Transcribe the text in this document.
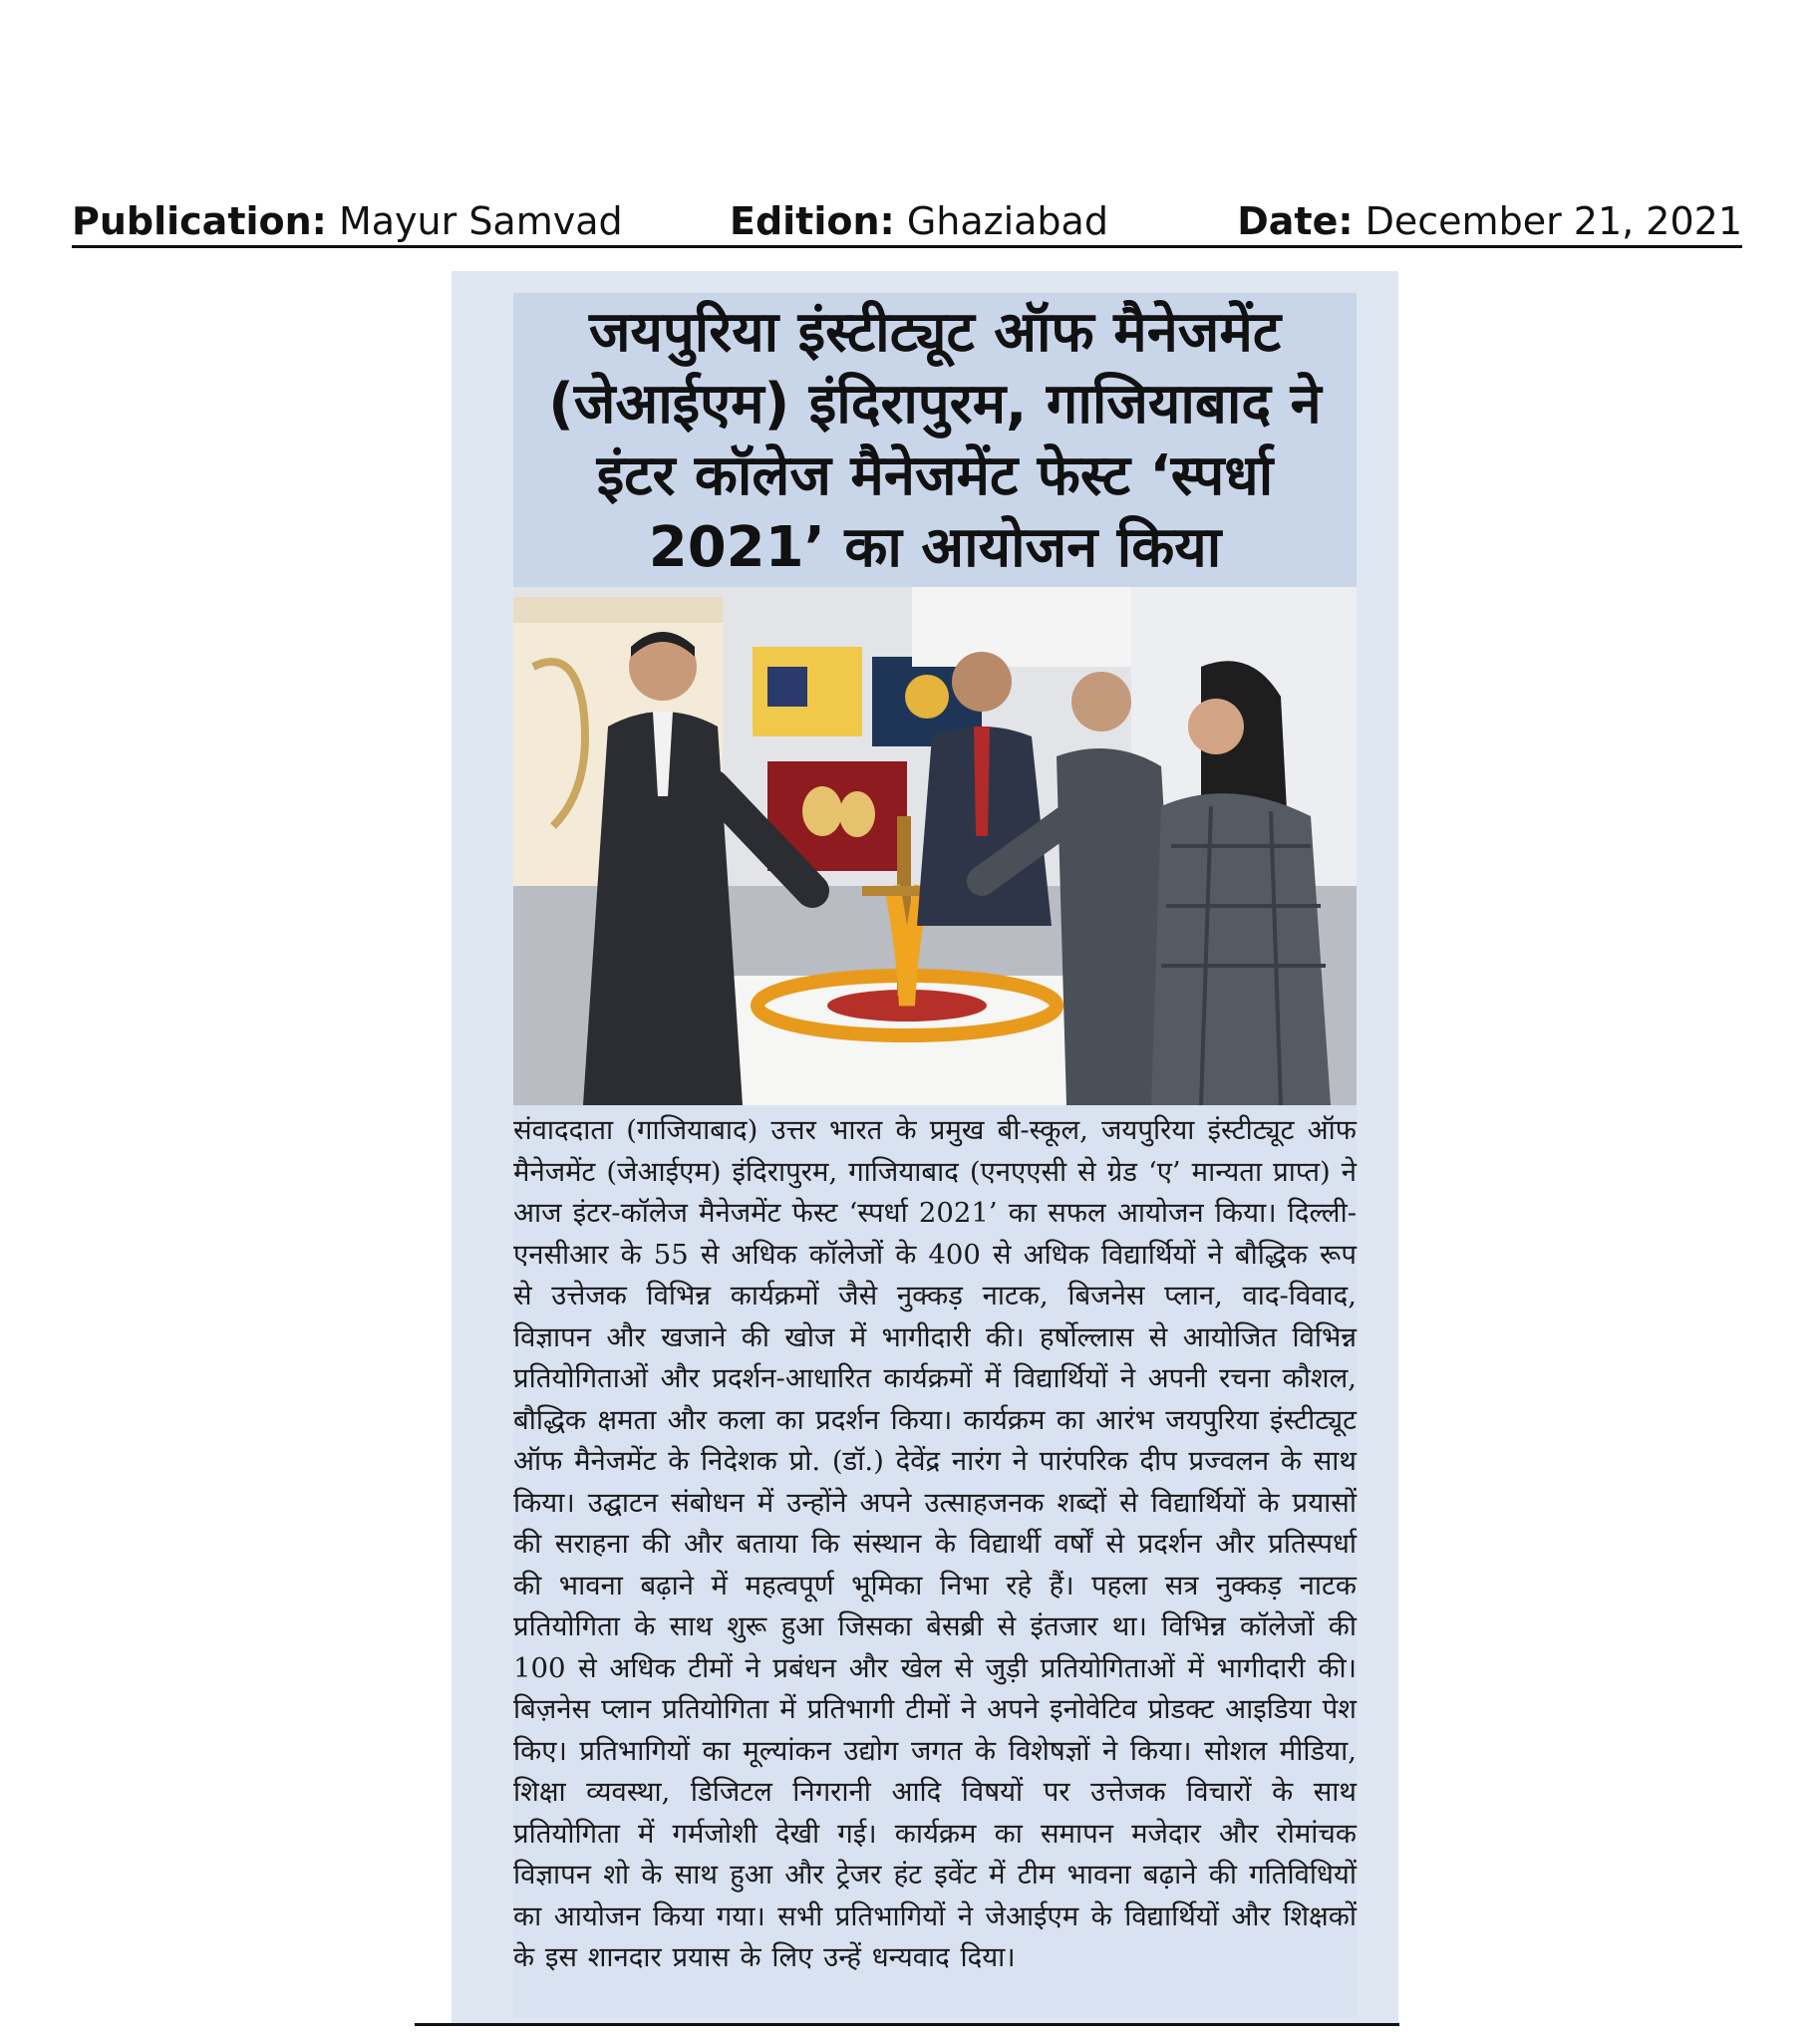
Publication: Mayur Samvad	Edition: Ghaziabad	Date: December 21, 2021
जयपुरिया इंस्टीट्यूट ऑफ मैनेजमेंट (जेआईएम) इंदिरापुरम, गाजियाबाद ने इंटर कॉलेज मैनेजमेंट फेस्ट ‘स्पर्धा 2021’ का आयोजन किया
संवाददाता (गाजियाबाद) उत्तर भारत के प्रमुख बी-स्कूल, जयपुरिया इंस्टीट्यूट ऑफ मैनेजमेंट (जेआईएम) इंदिरापुरम, गाजियाबाद (एनएएसी से ग्रेड ‘ए’ मान्यता प्राप्त) ने आज इंटर-कॉलेज मैनेजमेंट फेस्ट ‘स्पर्धा 2021’ का सफल आयोजन किया। दिल्ली-एनसीआर के 55 से अधिक कॉलेजों के 400 से अधिक विद्यार्थियों ने बौद्धिक रूप से उत्तेजक विभिन्न कार्यक्रमों जैसे नुक्कड़ नाटक, बिजनेस प्लान, वाद-विवाद, विज्ञापन और खजाने की खोज में भागीदारी की। हर्षोल्लास से आयोजित विभिन्न प्रतियोगिताओं और प्रदर्शन-आधारित कार्यक्रमों में विद्यार्थियों ने अपनी रचना कौशल, बौद्धिक क्षमता और कला का प्रदर्शन किया। कार्यक्रम का आरंभ जयपुरिया इंस्टीट्यूट ऑफ मैनेजमेंट के निदेशक प्रो. (डॉ.) देवेंद्र नारंग ने पारंपरिक दीप प्रज्वलन के साथ किया। उद्घाटन संबोधन में उन्होंने अपने उत्साहजनक शब्दों से विद्यार्थियों के प्रयासों की सराहना की और बताया कि संस्थान के विद्यार्थी वर्षों से प्रदर्शन और प्रतिस्पर्धा की भावना बढ़ाने में महत्वपूर्ण भूमिका निभा रहे हैं। पहला सत्र नुक्कड़ नाटक प्रतियोगिता के साथ शुरू हुआ जिसका बेसब्री से इंतजार था। विभिन्न कॉलेजों की 100 से अधिक टीमों ने प्रबंधन और खेल से जुड़ी प्रतियोगिताओं में भागीदारी की। बिज़नेस प्लान प्रतियोगिता में प्रतिभागी टीमों ने अपने इनोवेटिव प्रोडक्ट आइडिया पेश किए। प्रतिभागियों का मूल्यांकन उद्योग जगत के विशेषज्ञों ने किया। सोशल मीडिया, शिक्षा व्यवस्था, डिजिटल निगरानी आदि विषयों पर उत्तेजक विचारों के साथ प्रतियोगिता में गर्मजोशी देखी गई। कार्यक्रम का समापन मजेदार और रोमांचक विज्ञापन शो के साथ हुआ और ट्रेजर हंट इवेंट में टीम भावना बढ़ाने की गतिविधियों का आयोजन किया गया। सभी प्रतिभागियों ने जेआईएम के विद्यार्थियों और शिक्षकों के इस शानदार प्रयास के लिए उन्हें धन्यवाद दिया।
